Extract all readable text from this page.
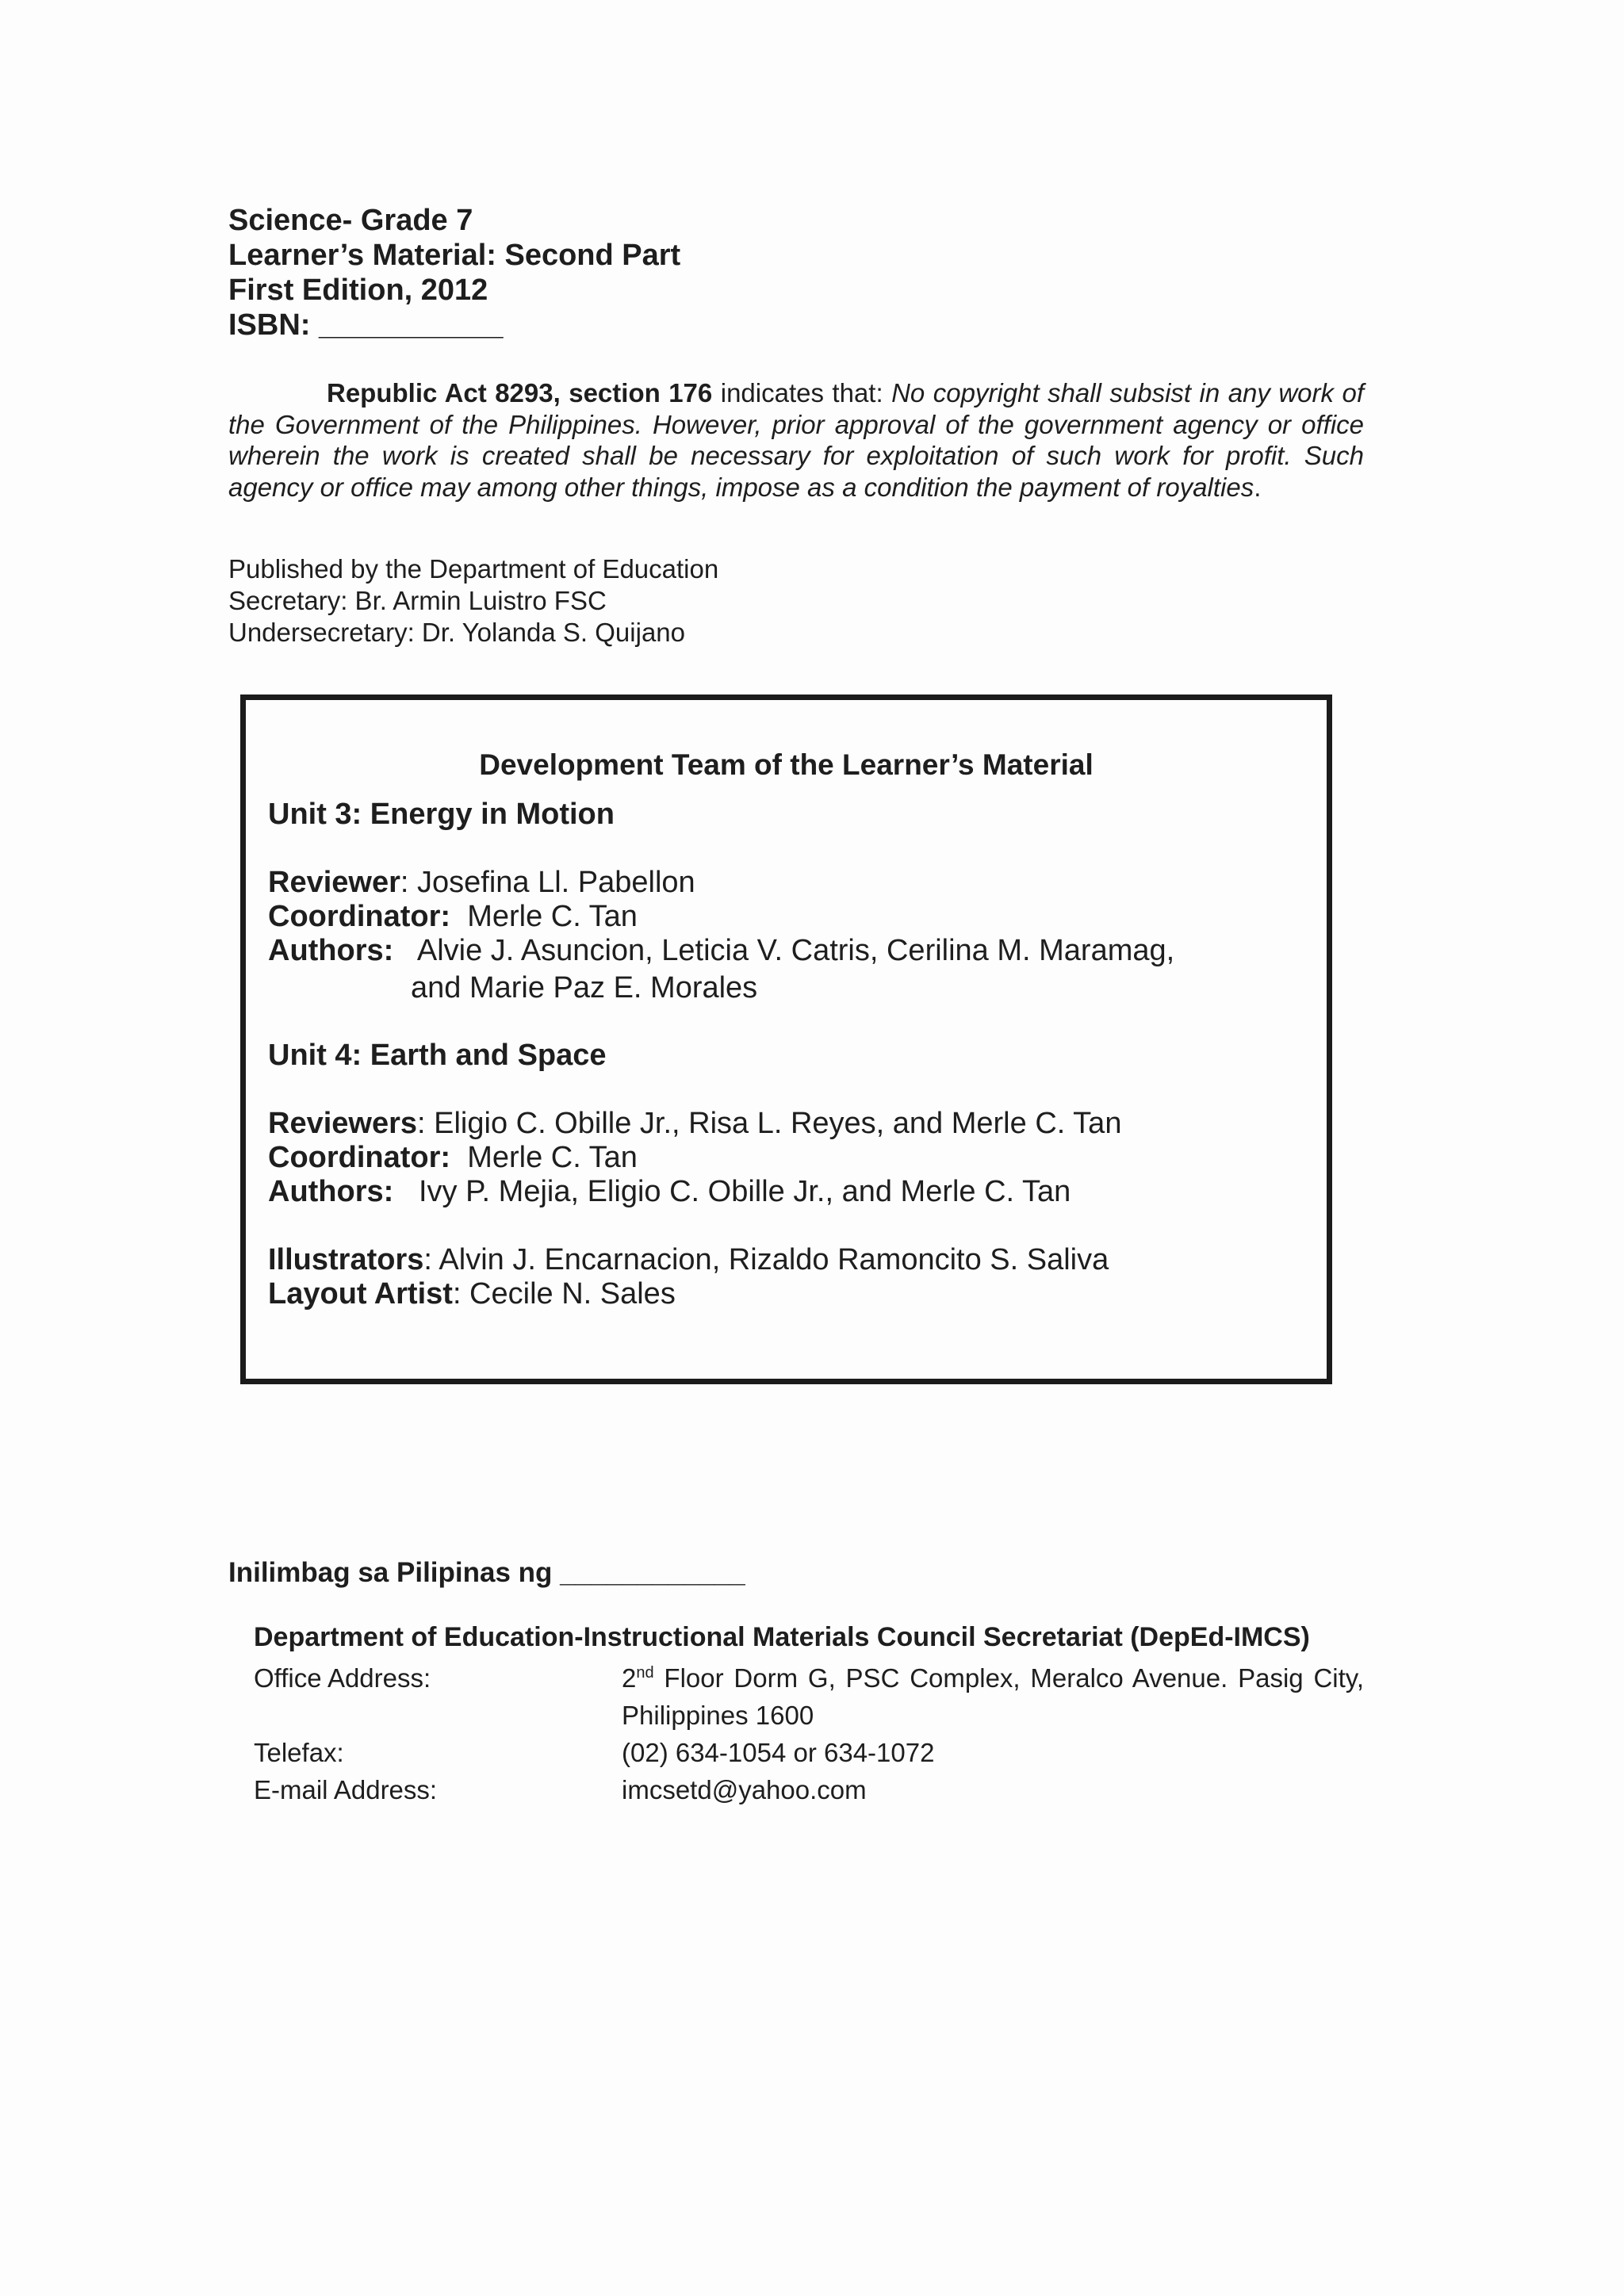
Science- Grade 7
Learner’s Material: Second Part
First Edition, 2012
ISBN: ___________
Republic Act 8293, section 176 indicates that: No copyright shall subsist in any work of the Government of the Philippines. However, prior approval of the government agency or office wherein the work is created shall be necessary for exploitation of such work for profit. Such agency or office may among other things, impose as a condition the payment of royalties.
Published by the Department of Education
Secretary: Br. Armin Luistro FSC
Undersecretary: Dr. Yolanda S. Quijano
Development Team of the Learner’s Material
Unit 3: Energy in Motion
Reviewer: Josefina Ll. Pabellon
Coordinator:  Merle C. Tan
Authors:   Alvie J. Asuncion, Leticia V. Catris, Cerilina M. Maramag,
and Marie Paz E. Morales
Unit 4: Earth and Space
Reviewers: Eligio C. Obille Jr., Risa L. Reyes, and Merle C. Tan
Coordinator:  Merle C. Tan
Authors:   Ivy P. Mejia, Eligio C. Obille Jr., and Merle C. Tan
Illustrators: Alvin J. Encarnacion, Rizaldo Ramoncito S. Saliva
Layout Artist: Cecile N. Sales
Inilimbag sa Pilipinas ng ____________
Department of Education-Instructional Materials Council Secretariat (DepEd-IMCS)
Office Address:	2nd Floor Dorm G, PSC Complex, Meralco Avenue. Pasig City, Philippines 1600
Telefax:	(02) 634-1054 or 634-1072
E-mail Address:	imcsetd@yahoo.com
